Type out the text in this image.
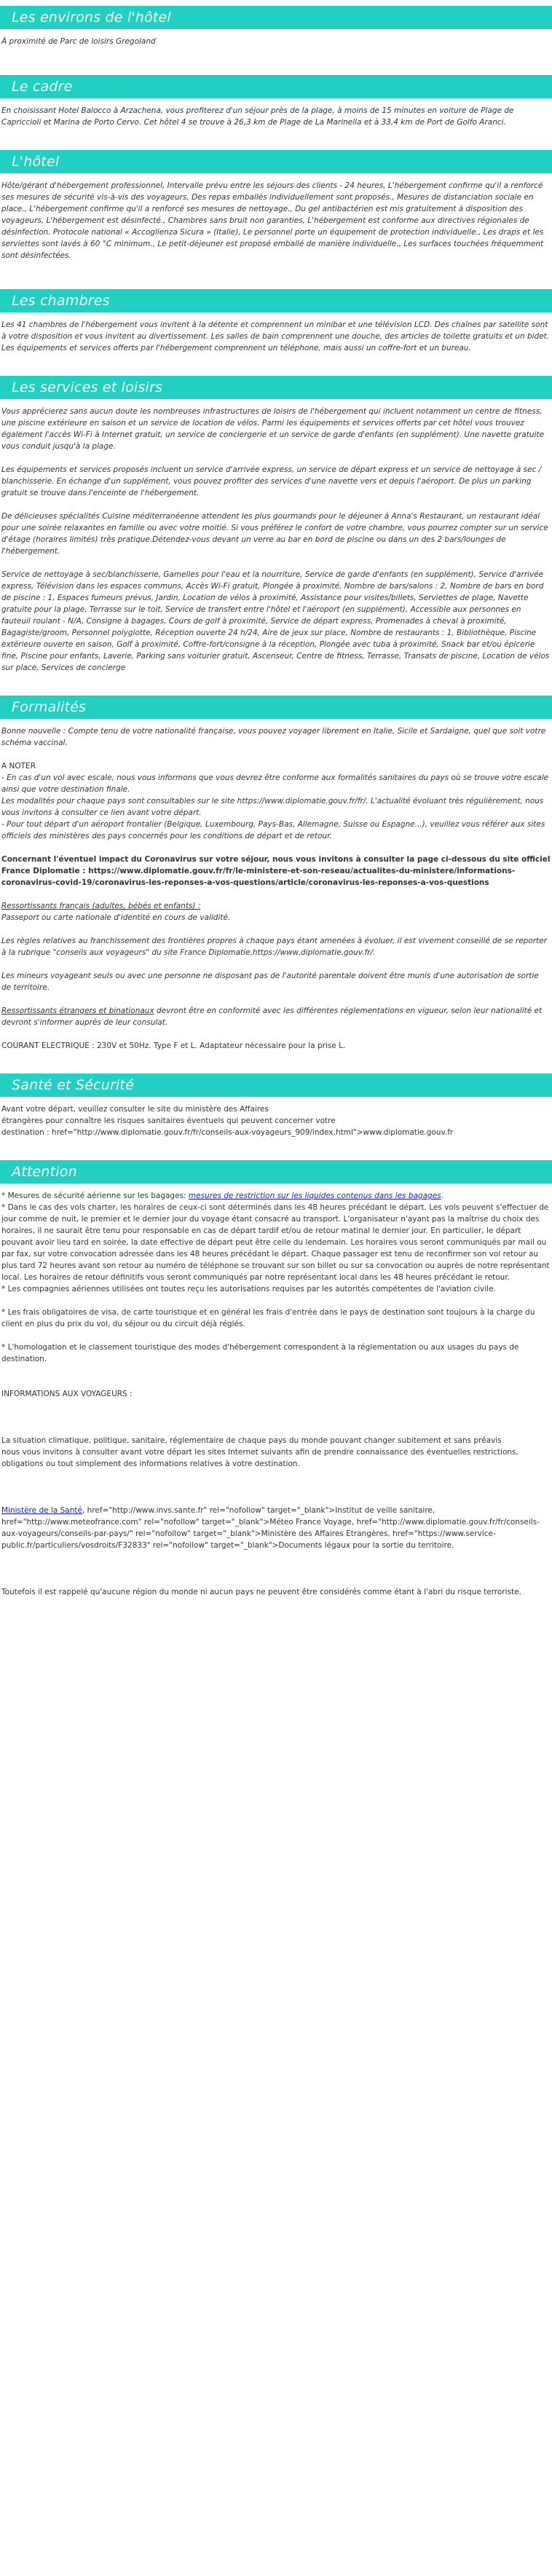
Les environs de l'hôtel

À proximité de Parc de loisirs Gregoland

Le cadre

En choisissant Hotel Balocco à Arzachena, vous profiterez d'un séjour près de la plage, à moins de 15 minutes en voiture de Plage de Capriccioli et Marina de Porto Cervo. Cet hôtel 4 se trouve à 26,3 km de Plage de La Marinella et à 33,4 km de Port de Golfo Aranci.

L'hôtel

Hôte/gérant d'hébergement professionnel, Intervalle prévu entre les séjours des clients - 24 heures, L'hébergement confirme qu'il a renforcé ses mesures de sécurité vis-à-vis des voyageurs, Des repas emballés individuellement sont proposés., Mesures de distanciation sociale en place., L'hébergement confirme qu'il a renforcé ses mesures de nettoyage., Du gel antibactérien est mis gratuitement à disposition des voyageurs, L'hébergement est désinfecté., Chambres sans bruit non garanties, L'hébergement est conforme aux directives régionales de désinfection. Protocole national « Accoglienza Sicura » (Italie), Le personnel porte un équipement de protection individuelle., Les draps et les serviettes sont lavés à 60 °C minimum., Le petit-déjeuner est proposé emballé de manière individuelle., Les surfaces touchées fréquemment sont désinfectées.

Les chambres

Les 41 chambres de l'hébergement vous invitent à la détente et comprennent un minibar et une télévision LCD. Des chaînes par satellite sont à votre disposition et vous invitent au divertissement. Les salles de bain comprennent une douche, des articles de toilette gratuits et un bidet. Les équipements et services offerts par l'hébergement comprennent un téléphone, mais aussi un coffre-fort et un bureau.

Les services et loisirs

Vous apprécierez sans aucun doute les nombreuses infrastructures de loisirs de l'hébergement qui incluent notamment un centre de fitness, une piscine extérieure en saison et un service de location de vélos. Parmi les équipements et services offerts par cet hôtel vous trouvez également l'accès Wi-Fi à Internet gratuit, un service de conciergerie et un service de garde d'enfants (en supplément). Une navette gratuite vous conduit jusqu'à la plage.

Les équipements et services proposés incluent un service d'arrivée express, un service de départ express et un service de nettoyage à sec / blanchisserie. En échange d'un supplément, vous pouvez profiter des services d'une navette vers et depuis l'aéroport. De plus un parking gratuit se trouve dans l'enceinte de l'hébergement.

De délicieuses spécialités Cuisine méditerranéenne attendent les plus gourmands pour le déjeuner à Anna's Restaurant, un restaurant idéal pour une soirée relaxantes en famille ou avec votre moitié. Si vous préférez le confort de votre chambre, vous pourrez compter sur un service d'étage (horaires limités) très pratique.Détendez-vous devant un verre au bar en bord de piscine ou dans un des 2 bars/lounges de l'hébergement.

Service de nettoyage à sec/blanchisserie, Gamelles pour l'eau et la nourriture, Service de garde d'enfants (en supplément), Service d'arrivée express, Télévision dans les espaces communs, Accès Wi-Fi gratuit, Plongée à proximité, Nombre de bars/salons : 2, Nombre de bars en bord de piscine : 1, Espaces fumeurs prévus, Jardin, Location de vélos à proximité, Assistance pour visites/billets, Serviettes de plage, Navette gratuite pour la plage, Terrasse sur le toit, Service de transfert entre l'hôtel et l'aéroport (en supplément), Accessible aux personnes en fauteuil roulant - N/A, Consigne à bagages, Cours de golf à proximité, Service de départ express, Promenades à cheval à proximité, Bagagiste/groom, Personnel polyglotte, Réception ouverte 24 h/24, Aire de jeux sur place, Nombre de restaurants : 1, Bibliothèque, Piscine extérieure ouverte en saison, Golf à proximité, Coffre-fort/consigne à la réception, Plongée avec tuba à proximité, Snack bar et/ou épicerie fine, Piscine pour enfants, Laverie, Parking sans voiturier gratuit, Ascenseur, Centre de fitness, Terrasse, Transats de piscine, Location de vélos sur place, Services de concierge

Formalités

Bonne nouvelle : Compte tenu de votre nationalité française, vous pouvez voyager librement en Italie, Sicile et Sardaigne, quel que soit votre schéma vaccinal.

A NOTER

- En cas d'un vol avec escale, nous vous informons que vous devrez être conforme aux formalités sanitaires du pays où se trouve votre escale ainsi que votre destination finale.

Les modalités pour chaque pays sont consultables sur le site https://www.diplomatie.gouv.fr/fr/. L'actualité évoluant très régulièrement, nous vous invitons à consulter ce lien avant votre départ.

- Pour tout départ d'un aéroport frontalier (Belgique, Luxembourg, Pays-Bas, Allemagne, Suisse ou Espagne...), veuillez vous référer aux sites officiels des ministères des pays concernés pour les conditions de départ et de retour.

Concernant l'éventuel impact du Coronavirus sur votre séjour, nous vous invitons à consulter la page ci-dessous du site officiel France Diplomatie : https://www.diplomatie.gouv.fr/fr/le-ministere-et-son-reseau/actualites-du-ministere/informations-coronavirus-covid-19/coronavirus-les-reponses-a-vos-questions/article/coronavirus-les-reponses-a-vos-questions

Ressortissants français (adultes, bébés et enfants) :

Passeport ou carte nationale d'identité en cours de validité.

Les règles relatives au franchissement des frontières propres à chaque pays étant amenées à évoluer, il est vivement conseillé de se reporter à la rubrique "conseils aux voyageurs" du site France Diplomatie,https://www.diplomatie.gouv.fr/.

Les mineurs voyageant seuls ou avec une personne ne disposant pas de l'autorité parentale doivent être munis d'une autorisation de sortie de territoire.

Ressortissants étrangers et binationaux devront être en conformité avec les différentes réglementations en vigueur, selon leur nationalité et devront s'informer auprès de leur consulat.

COURANT ELECTRIQUE : 230V et 50Hz. Type F et L. Adaptateur nécessaire pour la prise L.

Santé et Sécurité

Avant votre départ, veuillez consulter le site du ministère des Affaires

étrangères pour connaître les risques sanitaires éventuels qui peuvent concerner votre

destination : href="http://www.diplomatie.gouv.fr/fr/conseils-aux-voyageurs_909/index.html">www.diplomatie.gouv.fr

Attention

* Mesures de sécurité aérienne sur les bagages: mesures de restriction sur les liquides contenus dans les bagages.

* Dans le cas des vols charter, les horaires de ceux-ci sont déterminés dans les 48 heures précédant le départ. Les vols peuvent s'effectuer de jour comme de nuit, le premier et le dernier jour du voyage étant consacré au transport. L'organisateur n'ayant pas la maîtrise du choix des horaires, il ne saurait être tenu pour responsable en cas de départ tardif et/ou de retour matinal le dernier jour. En particulier, le départ pouvant avoir lieu tard en soirée, la date effective de départ peut être celle du lendemain. Les horaires vous seront communiqués par mail ou par fax, sur votre convocation adressée dans les 48 heures précédant le départ. Chaque passager est tenu de reconfirmer son vol retour au plus tard 72 heures avant son retour au numéro de téléphone se trouvant sur son billet ou sur sa convocation ou auprès de notre représentant local. Les horaires de retour définitifs vous seront communiqués par notre représentant local dans les 48 heures précédant le retour.

* Les compagnies aériennes utilisées ont toutes reçu les autorisations requises par les autorités compétentes de l'aviation civile.

* Les frais obligatoires de visa, de carte touristique et en général les frais d'entrée dans le pays de destination sont toujours à la charge du client en plus du prix du vol, du séjour ou du circuit déjà réglés.

* L'homologation et le classement touristique des modes d'hébergement correspondent à la réglementation ou aux usages du pays de destination.

INFORMATIONS AUX VOYAGEURS :

La situation climatique, politique, sanitaire, réglementaire de chaque pays du monde pouvant changer subitement et sans préavis

nous vous invitons à consulter avant votre départ les sites Internet suivants afin de prendre connaissance des éventuelles restrictions, obligations ou tout simplement des informations relatives à votre destination.

Ministère de la Santé, href="http://www.invs.sante.fr" rel="nofollow" target="_blank">Institut de veille sanitaire, href="http://www.meteofrance.com" rel="nofollow" target="_blank">Méteo France Voyage, href="http://www.diplomatie.gouv.fr/fr/conseils-aux-voyageurs/conseils-par-pays/" rel="nofollow" target="_blank">Ministère des Affaires Etrangères, href="https://www.service-public.fr/particuliers/vosdroits/F32833" rel="nofollow" target="_blank">Documents légaux pour la sortie du territoire.

Toutefois il est rappelé qu'aucune région du monde ni aucun pays ne peuvent être considérés comme étant à l'abri du risque terroriste.
